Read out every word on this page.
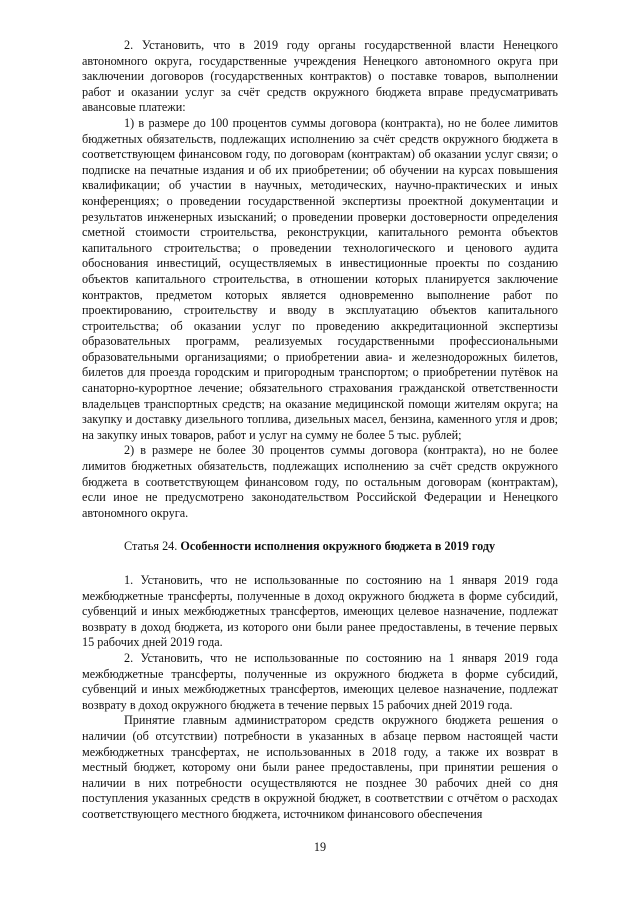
2. Установить, что в 2019 году органы государственной власти Ненецкого автономного округа, государственные учреждения Ненецкого автономного округа при заключении договоров (государственных контрактов) о поставке товаров, выполнении работ и оказании услуг за счёт средств окружного бюджета вправе предусматривать авансовые платежи:

1) в размере до 100 процентов суммы договора (контракта), но не более лимитов бюджетных обязательств, подлежащих исполнению за счёт средств окружного бюджета в соответствующем финансовом году, по договорам (контрактам) об оказании услуг связи; о подписке на печатные издания и об их приобретении; об обучении на курсах повышения квалификации; об участии в научных, методических, научно-практических и иных конференциях; о проведении государственной экспертизы проектной документации и результатов инженерных изысканий; о проведении проверки достоверности определения сметной стоимости строительства, реконструкции, капитального ремонта объектов капитального строительства; о проведении технологического и ценового аудита обоснования инвестиций, осуществляемых в инвестиционные проекты по созданию объектов капитального строительства, в отношении которых планируется заключение контрактов, предметом которых является одновременно выполнение работ по проектированию, строительству и вводу в эксплуатацию объектов капитального строительства; об оказании услуг по проведению аккредитационной экспертизы образовательных программ, реализуемых государственными профессиональными образовательными организациями; о приобретении авиа- и железнодорожных билетов, билетов для проезда городским и пригородным транспортом; о приобретении путёвок на санаторно-курортное лечение; обязательного страхования гражданской ответственности владельцев транспортных средств; на оказание медицинской помощи жителям округа; на закупку и доставку дизельного топлива, дизельных масел, бензина, каменного угля и дров; на закупку иных товаров, работ и услуг на сумму не более 5 тыс. рублей;

2) в размере не более 30 процентов суммы договора (контракта), но не более лимитов бюджетных обязательств, подлежащих исполнению за счёт средств окружного бюджета в соответствующем финансовом году, по остальным договорам (контрактам), если иное не предусмотрено законодательством Российской Федерации и Ненецкого автономного округа.

Статья 24. Особенности исполнения окружного бюджета в 2019 году

1. Установить, что не использованные по состоянию на 1 января 2019 года межбюджетные трансферты, полученные в доход окружного бюджета в форме субсидий, субвенций и иных межбюджетных трансфертов, имеющих целевое назначение, подлежат возврату в доход бюджета, из которого они были ранее предоставлены, в течение первых 15 рабочих дней 2019 года.

2. Установить, что не использованные по состоянию на 1 января 2019 года межбюджетные трансферты, полученные из окружного бюджета в форме субсидий, субвенций и иных межбюджетных трансфертов, имеющих целевое назначение, подлежат возврату в доход окружного бюджета в течение первых 15 рабочих дней 2019 года.

Принятие главным администратором средств окружного бюджета решения о наличии (об отсутствии) потребности в указанных в абзаце первом настоящей части межбюджетных трансфертах, не использованных в 2018 году, а также их возврат в местный бюджет, которому они были ранее предоставлены, при принятии решения о наличии в них потребности осуществляются не позднее 30 рабочих дней со дня поступления указанных средств в окружной бюджет, в соответствии с отчётом о расходах соответствующего местного бюджета, источником финансового обеспечения

19
